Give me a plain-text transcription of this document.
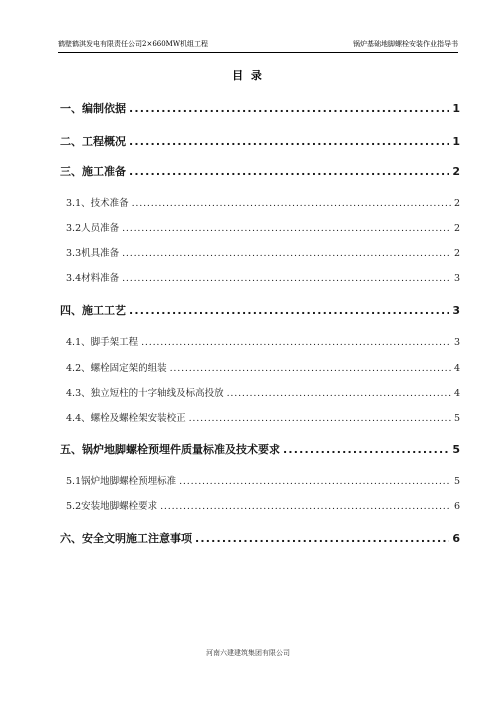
鹤壁鹤淇发电有限责任公司2×660MW机组工程	锅炉基础地脚螺栓安装作业指导书
目 录
一、编制依据 .....	1
二、工程概况 .....	1
三、施工准备 .....	2
3.1、技术准备 .....	2
3.2人员准备 .....	2
3.3机具准备 .....	2
3.4材料准备 .....	3
四、施工工艺 .....	3
4.1、脚手架工程 .....	3
4.2、螺栓固定架的组装 .....	4
4.3、独立短柱的十字轴线及标高投放 .....	4
4.4、螺栓及螺栓架安装校正 .....	5
五、锅炉地脚螺栓预埋件质量标准及技术要求 .....	5
5.1锅炉地脚螺栓预埋标准 .....	5
5.2安装地脚螺栓要求 .....	6
六、安全文明施工注意事项 .....	6
河南六建建筑集团有限公司
